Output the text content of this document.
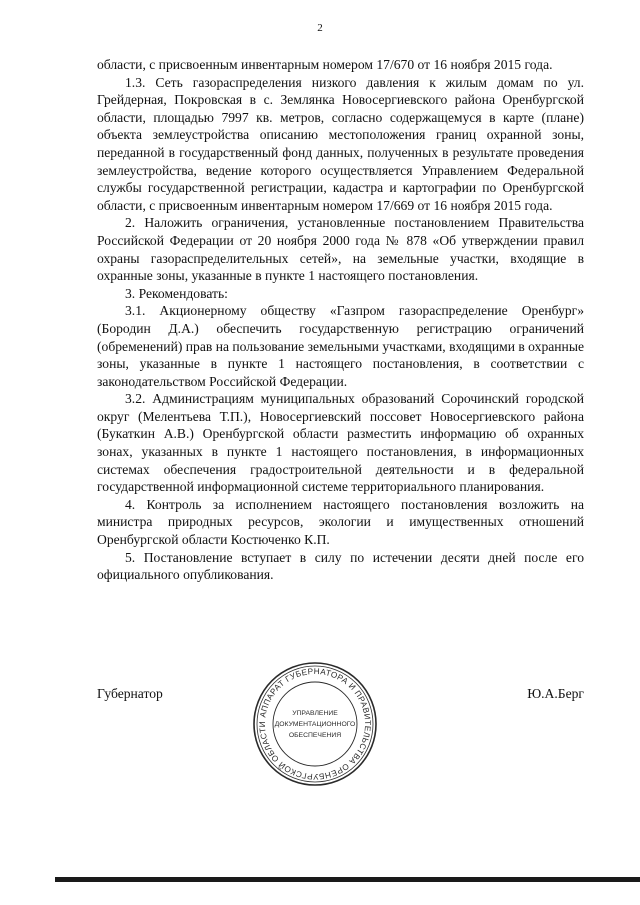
2

области, с присвоенным инвентарным номером 17/670 от 16 ноября 2015 года.

1.3. Сеть газораспределения низкого давления к жилым домам по ул. Грейдерная, Покровская в с. Землянка Новосергиевского района Оренбургской области, площадью 7997 кв. метров, согласно содержащемуся в карте (плане) объекта землеустройства описанию местоположения границ охранной зоны, переданной в государственный фонд данных, полученных в результате проведения землеустройства, ведение которого осуществляется Управлением Федеральной службы государственной регистрации, кадастра и картографии по Оренбургской области, с присвоенным инвентарным номером 17/669 от 16 ноября 2015 года.

2. Наложить ограничения, установленные постановлением Правительства Российской Федерации от 20 ноября 2000 года № 878 «Об утверждении правил охраны газораспределительных сетей», на земельные участки, входящие в охранные зоны, указанные в пункте 1 настоящего постановления.

3. Рекомендовать:

3.1. Акционерному обществу «Газпром газораспределение Оренбург» (Бородин Д.А.) обеспечить государственную регистрацию ограничений (обременений) прав на пользование земельными участками, входящими в охранные зоны, указанные в пункте 1 настоящего постановления, в соответствии с законодательством Российской Федерации.

3.2. Администрациям муниципальных образований Сорочинский городской округ (Мелентьева Т.П.), Новосергиевский поссовет Новосергиевского района (Букаткин А.В.) Оренбургской области разместить информацию об охранных зонах, указанных в пункте 1 настоящего постановления, в информационных системах обеспечения градостроительной деятельности и в федеральной государственной информационной системе территориального планирования.

4. Контроль за исполнением настоящего постановления возложить на министра природных ресурсов, экологии и имущественных отношений Оренбургской области Костюченко К.П.

5. Постановление вступает в силу по истечении десяти дней после его официального опубликования.

Губернатор	Ю.А.Берг
АППАРАТ ГУБЕРНАТОРА И ПРАВИТЕЛЬСТВА ОРЕНБУРГСКОЙ ОБЛАСТИ
УПРАВЛЕНИЕ
ДОКУМЕНТАЦИОННОГО
ОБЕСПЕЧЕНИЯ
